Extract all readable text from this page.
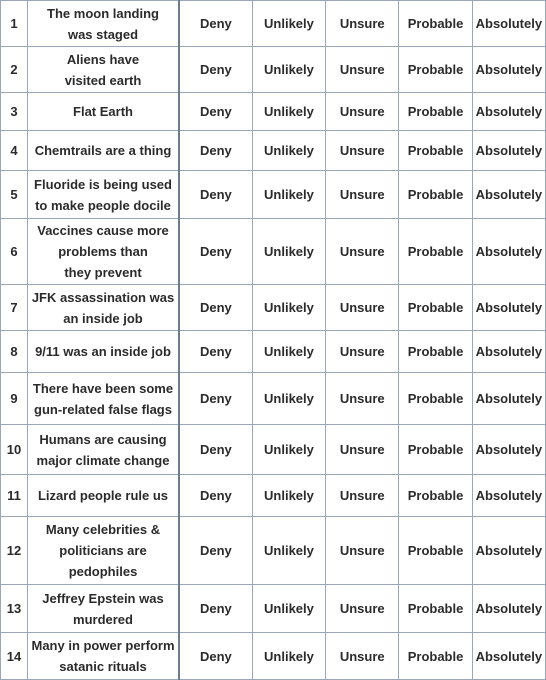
1	The moon landing
was staged	Deny	Unlikely	Unsure	Probable	Absolutely
2	Aliens have
visited earth	Deny	Unlikely	Unsure	Probable	Absolutely
3	Flat Earth	Deny	Unlikely	Unsure	Probable	Absolutely
4	Chemtrails are a thing	Deny	Unlikely	Unsure	Probable	Absolutely
5	Fluoride is being used
to make people docile	Deny	Unlikely	Unsure	Probable	Absolutely
6	Vaccines cause more
problems than
they prevent	Deny	Unlikely	Unsure	Probable	Absolutely
7	JFK assassination was
an inside job	Deny	Unlikely	Unsure	Probable	Absolutely
8	9/11 was an inside job	Deny	Unlikely	Unsure	Probable	Absolutely
9	There have been some
gun-related false flags	Deny	Unlikely	Unsure	Probable	Absolutely
10	Humans are causing
major climate change	Deny	Unlikely	Unsure	Probable	Absolutely
11	Lizard people rule us	Deny	Unlikely	Unsure	Probable	Absolutely
12	Many celebrities &
politicians are
pedophiles	Deny	Unlikely	Unsure	Probable	Absolutely
13	Jeffrey Epstein was
murdered	Deny	Unlikely	Unsure	Probable	Absolutely
14	Many in power perform
satanic rituals	Deny	Unlikely	Unsure	Probable	Absolutely
